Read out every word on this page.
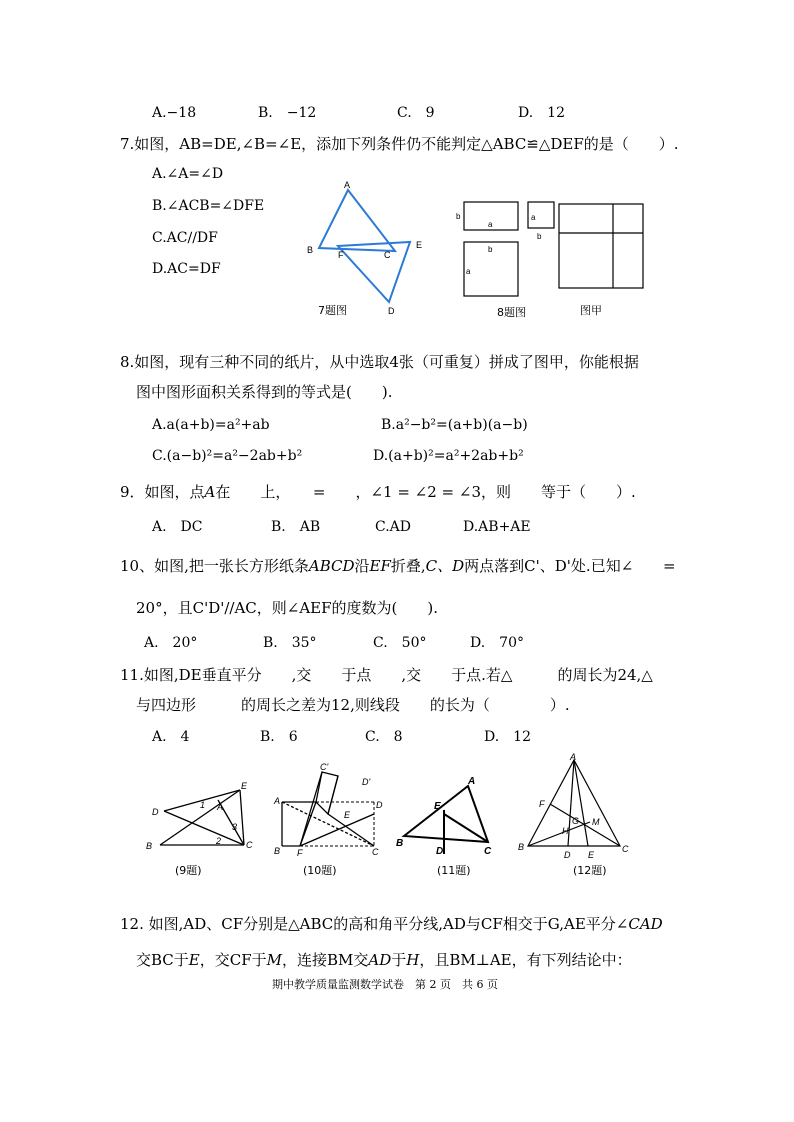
A.−18	B.　−12	C.　9	D.　12
7.如图，AB=DE,∠B=∠E，添加下列条件仍不能判定△ABC≌△DEF的是（　　）.
A.∠A=∠D
B.∠ACB=∠DFE
C.AC∕∕DF
D.AC=DF
A
B	F	C
E
D
7题图
b
a
b
a
a
b
8题图	图甲
8.如图，现有三种不同的纸片，从中选取4张（可重复）拼成了图甲，你能根据
图中图形面积关系得到的等式是(　　).
A.a(a+b)=a²+ab	B.a²−b²=(a+b)(a−b)
C.(a−b)²=a²−2ab+b²	D.(a+b)²=a²+2ab+b²
9．如图，点A在　　上，　　=　　，∠1 = ∠2 = ∠3，则　　等于（　　）.
A.　DC	B.　AB	C.AD	D.AB+AE
10、如图,把一张长方形纸条ABCD沿EF折叠,C、D两点落到C'、D'处.已知∠ =
20°，且C'D'//AC，则∠AEF的度数为(　　).
A.　20°	B.　35°	C.　50°	D.　70°
11.如图,DE垂直平分　　,交　　于点　　,交　　于点.若△　　　的周长为24,△
与四边形　　　的周长之差为12,则线段　　的长为（　　　　）.
A.　4	B.　6	C.　8	D.　12
D
E
1 A
3
2
B	C
(9题)
C'
D'
A	D
E
B F	C
(10题)
A
E
B
D	C
(11题)
A
F
G
H
M
B
D E
C
(12题)
12. 如图,AD、CF分别是△ABC的高和角平分线,AD与CF相交于G,AE平分∠CAD
交BC于E，交CF于M，连接BM交AD于H，且BM⊥AE，有下列结论中：
期中教学质量监测数学试卷　第 2 页　共 6 页
